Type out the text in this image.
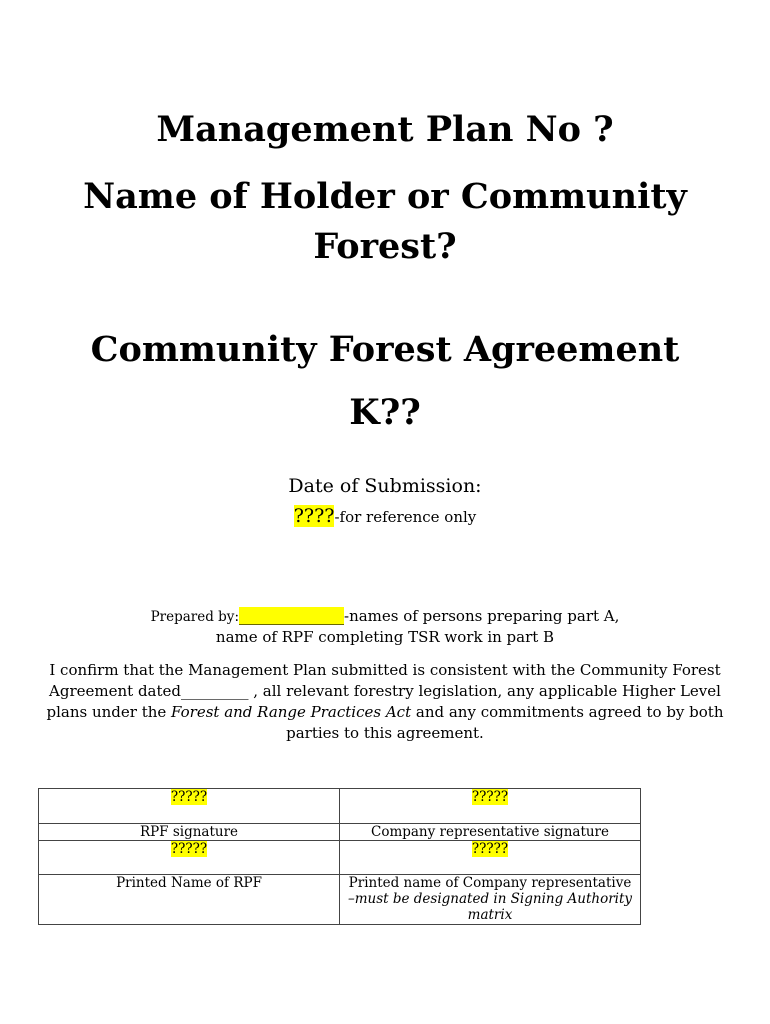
Management Plan No ?
Name of Holder or Community Forest?
Community Forest Agreement
K??
Date of Submission:
????-for reference only
Prepared by:______________-names of persons preparing part A,
name of RPF completing TSR work in part B
I confirm that the Management Plan submitted is consistent with the Community Forest Agreement dated_________ , all relevant forestry legislation, any applicable Higher Level plans under the Forest and Range Practices Act and any commitments agreed to by both parties to this agreement.
?????	?????
RPF signature	Company representative signature
?????	?????
Printed Name of RPF	Printed name of Company representative –must be designated in Signing Authority matrix
